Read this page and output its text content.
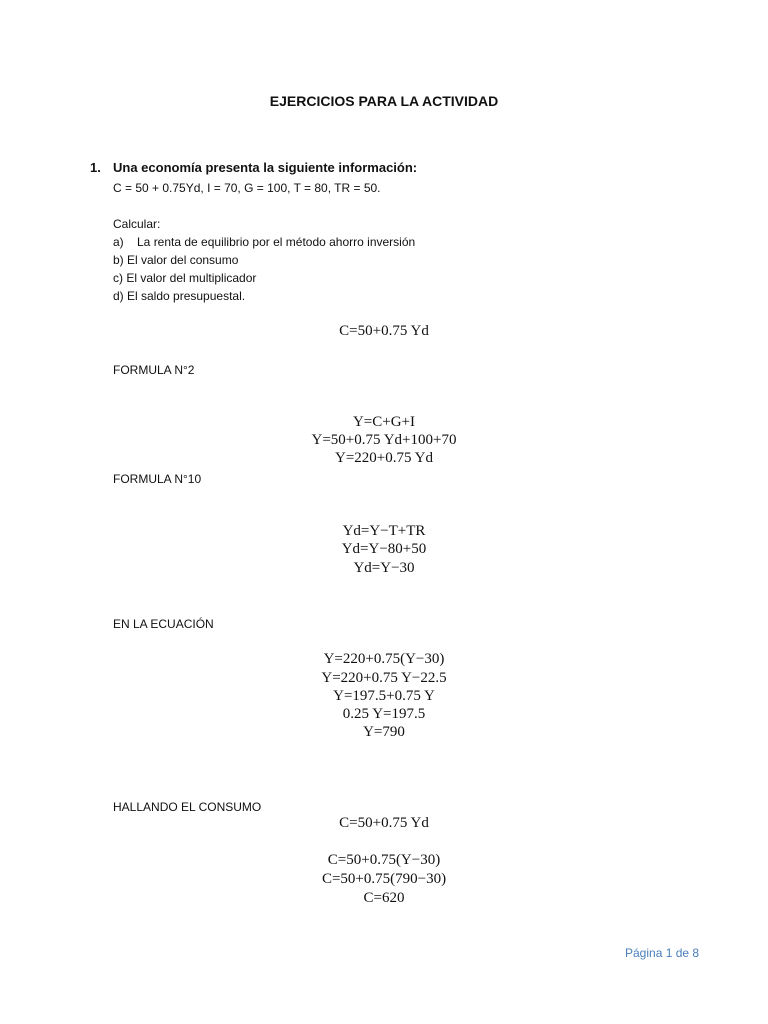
EJERCICIOS PARA LA ACTIVIDAD
1. Una economía presenta la siguiente información:
C = 50 + 0.75Yd, I = 70, G = 100, T = 80, TR = 50.
Calcular:
a)    La renta de equilibrio por el método ahorro inversión
b) El valor del consumo
c) El valor del multiplicador
d) El saldo presupuestal.
C=50+0.75 Yd
FORMULA N°2
Y=C+G+I
Y=50+0.75 Yd+100+70
Y=220+0.75 Yd
FORMULA N°10
Yd=Y−T+TR
Yd=Y−80+50
Yd=Y−30
EN LA ECUACIÓN
Y=220+0.75(Y−30)
Y=220+0.75 Y−22.5
Y=197.5+0.75 Y
0.25 Y=197.5
Y=790
HALLANDO EL CONSUMO
C=50+0.75 Yd
C=50+0.75(Y−30)
C=50+0.75(790−30)
C=620
Página 1 de 8
